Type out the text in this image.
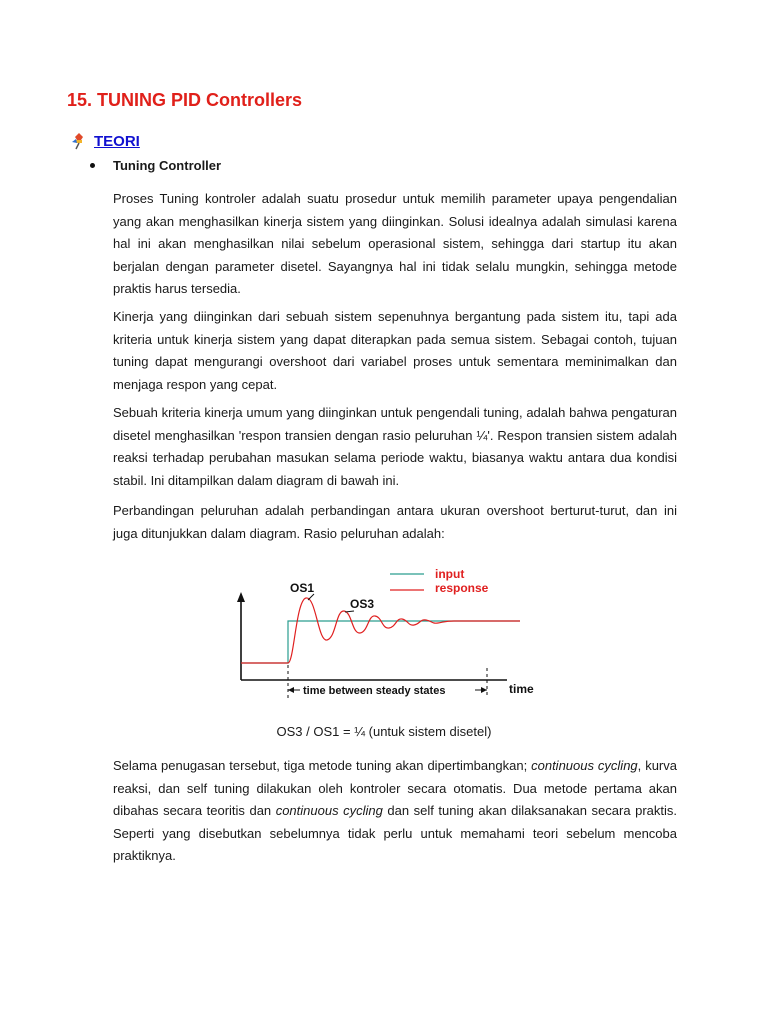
15. TUNING PID Controllers
TEORI
Tuning Controller

Proses Tuning kontroler adalah suatu prosedur untuk memilih parameter upaya pengendalian yang akan menghasilkan kinerja sistem yang diinginkan. Solusi idealnya adalah simulasi karena hal ini akan menghasilkan nilai sebelum operasional sistem, sehingga dari startup itu akan berjalan dengan parameter disetel. Sayangnya hal ini tidak selalu mungkin, sehingga metode praktis harus tersedia.

Kinerja yang diinginkan dari sebuah sistem sepenuhnya bergantung pada sistem itu, tapi ada kriteria untuk kinerja sistem yang dapat diterapkan pada semua sistem. Sebagai contoh, tujuan tuning dapat mengurangi overshoot dari variabel proses untuk sementara meminimalkan dan menjaga respon yang cepat.

Sebuah kriteria kinerja umum yang diinginkan untuk pengendali tuning, adalah bahwa pengaturan disetel menghasilkan 'respon transien dengan rasio peluruhan ¼'. Respon transien sistem adalah reaksi terhadap perubahan masukan selama periode waktu, biasanya waktu antara dua kondisi stabil. Ini ditampilkan dalam diagram di bawah ini.

Perbandingan peluruhan adalah perbandingan antara ukuran overshoot berturut-turut, dan ini juga ditunjukkan dalam diagram. Rasio peluruhan adalah:

input
response
OS1
OS3
time between steady states	time
OS3 / OS1 = ¼ (untuk sistem disetel)

Selama penugasan tersebut, tiga metode tuning akan dipertimbangkan; continuous cycling, kurva reaksi, dan self tuning dilakukan oleh kontroler secara otomatis. Dua metode pertama akan dibahas secara teoritis dan continuous cycling dan self tuning akan dilaksanakan secara praktis. Seperti yang disebutkan sebelumnya tidak perlu untuk memahami teori sebelum mencoba praktiknya.
